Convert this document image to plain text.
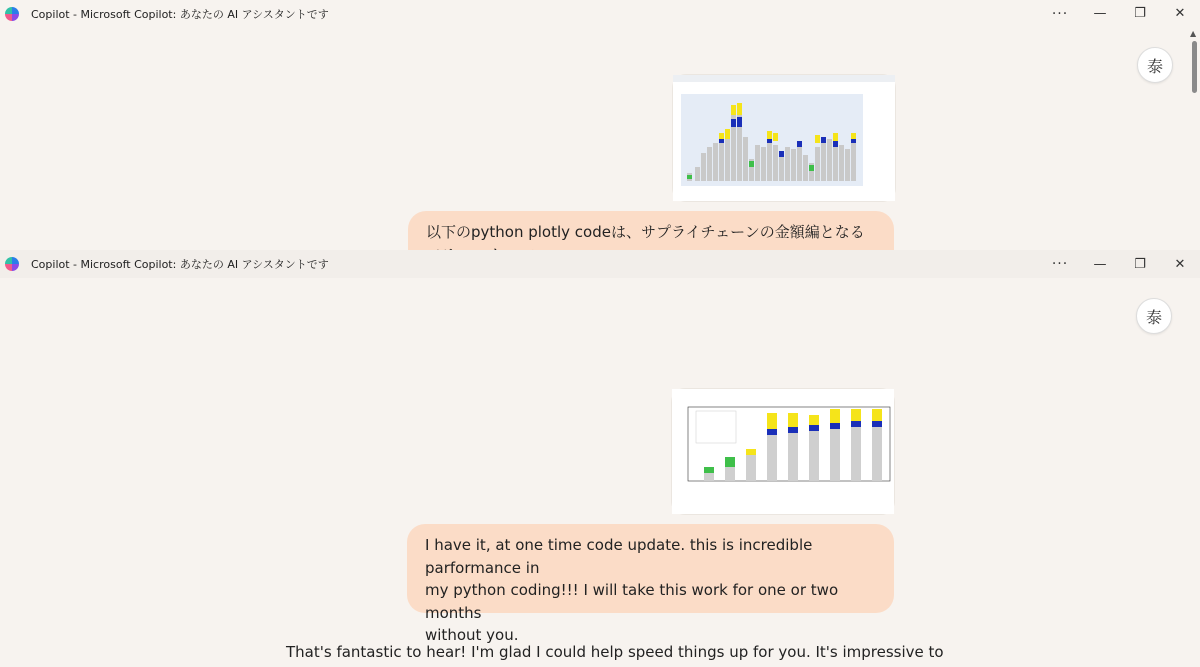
Copilot - Microsoft Copilot: あなたの AI アシスタントです	···	—	❐	✕
泰
▲
以下のpython plotly codeは、サプライチェーンの金額編となる
Copilot - Microsoft Copilot: あなたの AI アシスタントです	···	—	❐	✕
泰
I have it, at one time code update. this is incredible parformance in
my python coding!!! I will take this work for one or two months
without you.
That's fantastic to hear! I'm glad I could help speed things up for you. It's impressive to
